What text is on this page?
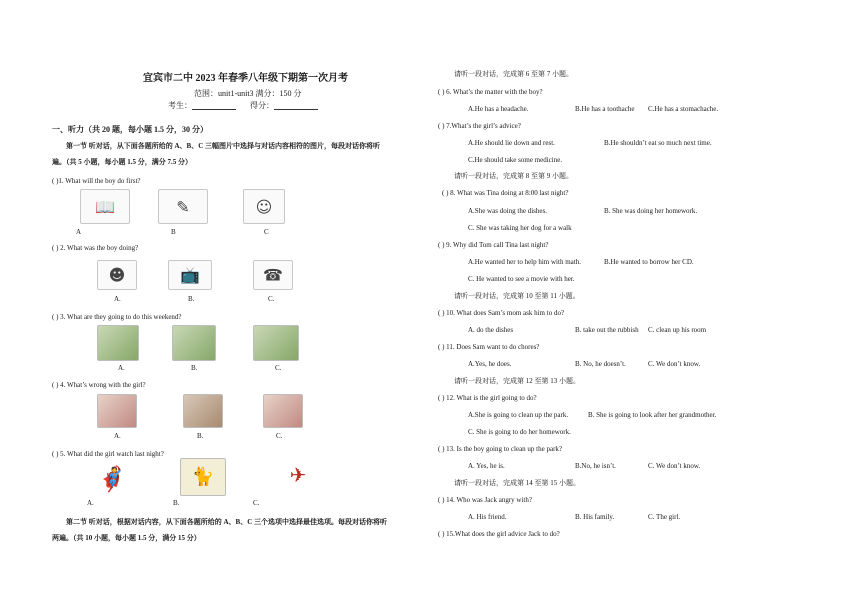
宜宾市二中 2023 年春季八年级下期第一次月考
范围：unit1-unit3 满分：150 分
考生：	得分：
一、听力（共 20 题，每小题 1.5 分，30 分）
第一节 听对话，从下面各题所给的 A、B、C 三幅图片中选择与对话内容相符的图片，每段对话你将听
遍。（共 5 小题，每小题 1.5 分，满分 7.5 分）
( )1. What will the boy do first?
📖	✎	☺
A	B	C
( ) 2. What was the boy doing?
☻	📺	☎
A.	B.	C.
( ) 3. What are they going to do this weekend?
A.	B.	C.
( ) 4. What’s wrong with the girl?
A.	B.	C.
( ) 5. What did the girl watch last night?
🦸	🐈	✈
A.	B.	C.
第二节 听对话，根据对话内容，从下面各题所给的 A、B、C 三个选项中选择最佳选项。每段对话你将听
两遍。（共 10 小题，每小题 1.5 分，满分 15 分）
请听一段对话，完成第 6 至第 7 小题。
( ) 6. What’s the matter with the boy?
A.He has a headache.	B.He has a toothache C.He has a stomachache.
( ) 7.What’s the girl’s advice?
A.He should lie down and rest.	B.He shouldn’t eat so much next time.
C.He should take some medicine.
请听一段对话，完成第 8 至第 9 小题。
( ) 8. What was Tina doing at 8:00 last night?
A.She was doing the dishes.	B. She was doing her homework.
C. She was taking her dog for a walk
( ) 9. Why did Tom call Tina last night?
A.He wanted her to help him with math.	B.He wanted to borrow her CD.
C. He wanted to see a movie with her.
请听一段对话，完成第 10 至第 11 小题。
( ) 10. What does Sam’s mom ask him to do?
A. do the dishes	B. take out the rubbish C. clean up his room
( ) 11. Does Sam want to do chores?
A.Yes, he does.	B. No, he doesn’t.	C. We don’t know.
请听一段对话，完成第 12 至第 13 小题。
( ) 12. What is the girl going to do?
A.She is going to clean up the park.	B. She is going to look after her grandmother.
C. She is going to do her homework.
( ) 13. Is the boy going to clean up the park?
A. Yes, he is.	B.No, he isn’t.	C. We don’t know.
请听一段对话，完成第 14 至第 15 小题。
( ) 14. Who was Jack angry with?
A. His friend.	B. His family.	C. The girl.
( ) 15.What does the girl advice Jack to do?
